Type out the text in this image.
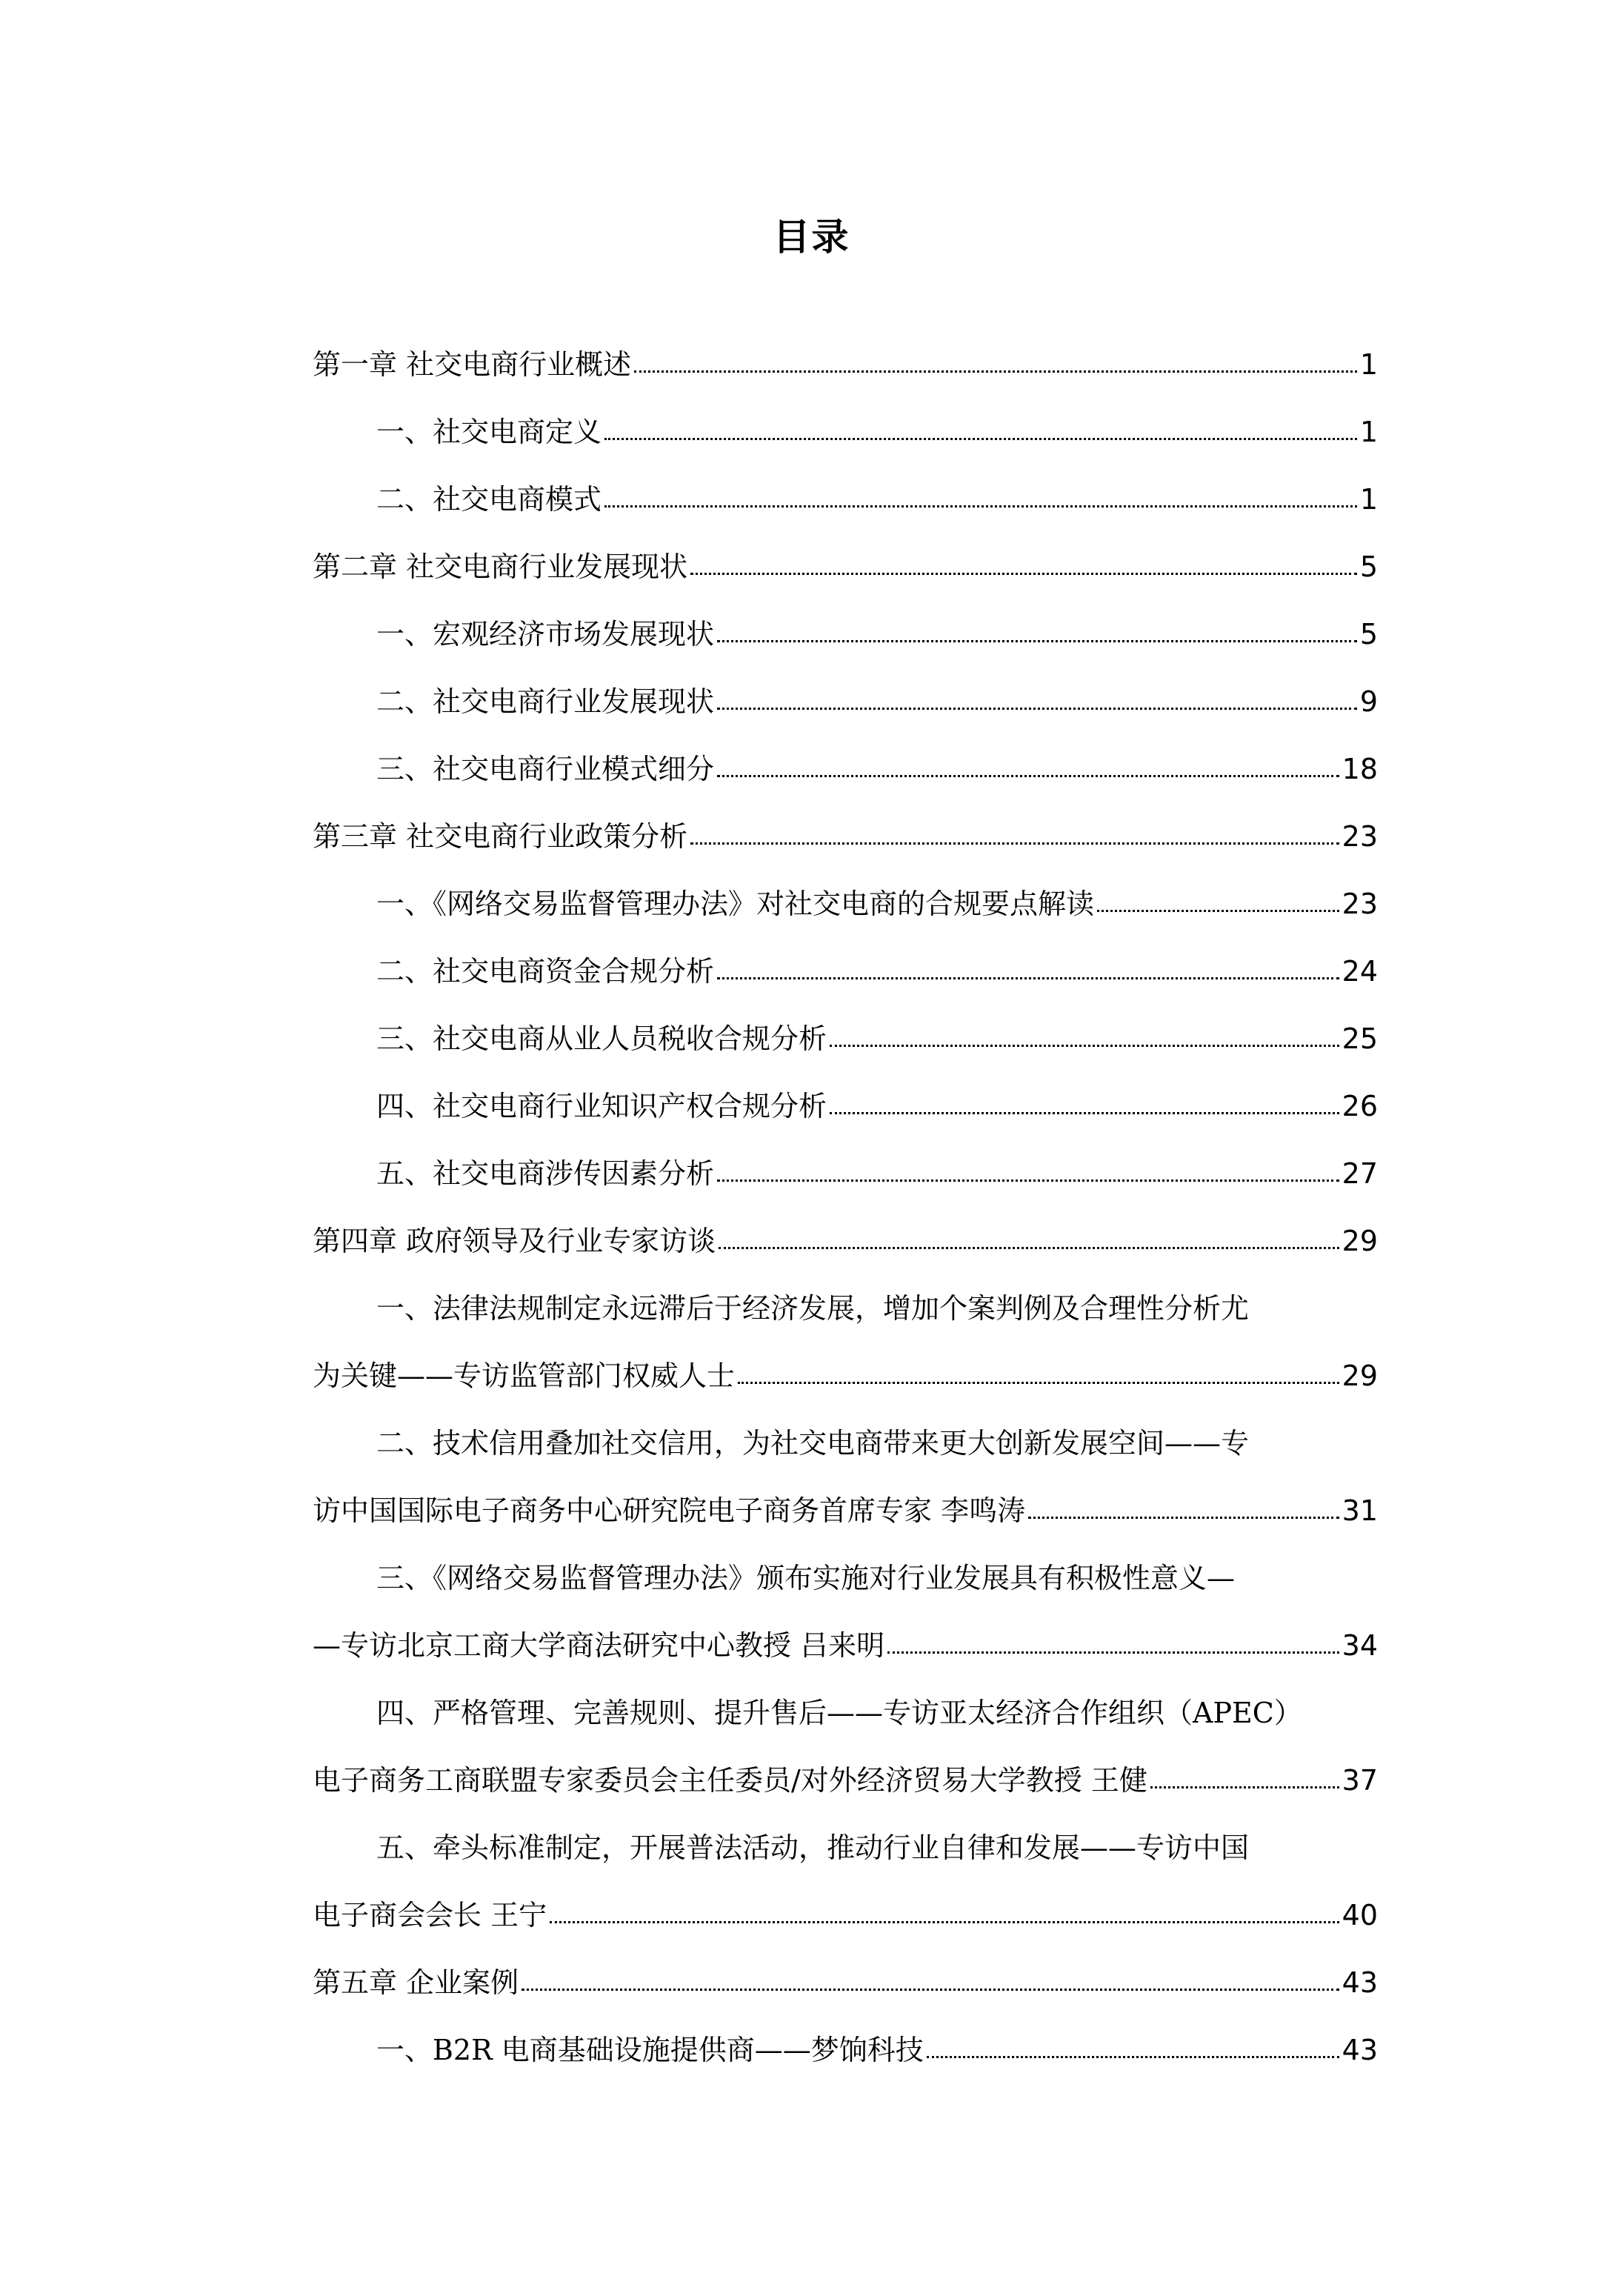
目录
第一章 社交电商行业概述	1
一、社交电商定义	1
二、社交电商模式	1
第二章 社交电商行业发展现状	5
一、宏观经济市场发展现状	5
二、社交电商行业发展现状	9
三、社交电商行业模式细分	18
第三章 社交电商行业政策分析	23
一、《网络交易监督管理办法》对社交电商的合规要点解读	23
二、社交电商资金合规分析	24
三、社交电商从业人员税收合规分析	25
四、社交电商行业知识产权合规分析	26
五、社交电商涉传因素分析	27
第四章 政府领导及行业专家访谈	29
一、法律法规制定永远滞后于经济发展，增加个案判例及合理性分析尤
为关键——专访监管部门权威人士	29
二、技术信用叠加社交信用，为社交电商带来更大创新发展空间——专
访中国国际电子商务中心研究院电子商务首席专家 李鸣涛	31
三、《网络交易监督管理办法》颁布实施对行业发展具有积极性意义—
—专访北京工商大学商法研究中心教授 吕来明	34
四、严格管理、完善规则、提升售后——专访亚太经济合作组织（APEC）
电子商务工商联盟专家委员会主任委员/对外经济贸易大学教授 王健	37
五、牵头标准制定，开展普法活动，推动行业自律和发展——专访中国
电子商会会长 王宁	40
第五章 企业案例	43
一、B2R 电商基础设施提供商——梦饷科技	43
